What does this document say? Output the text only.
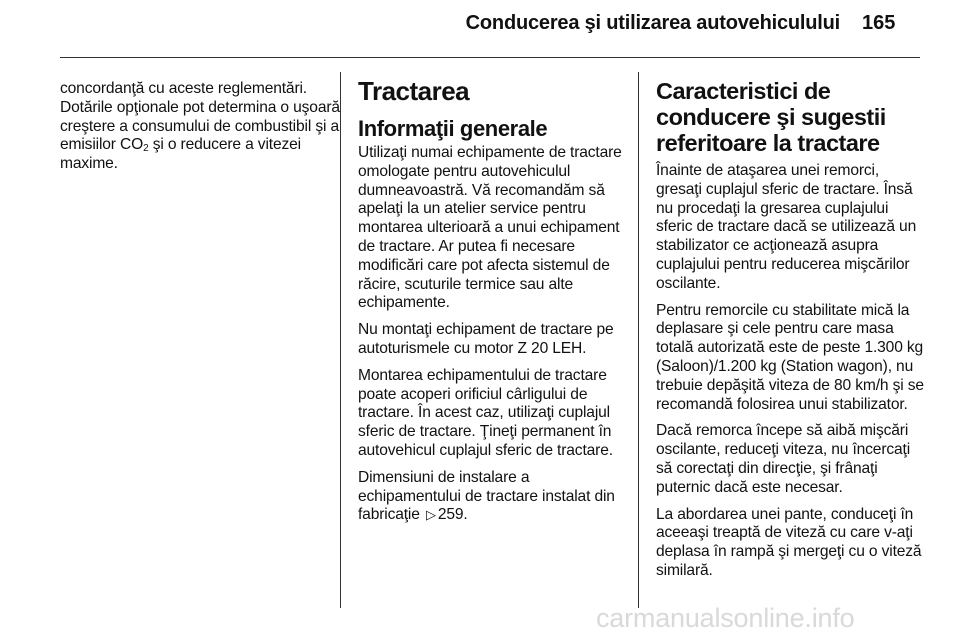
Conducerea şi utilizarea autovehiculului 165

concordanţă cu aceste reglementări. Dotările opţionale pot determina o uşoară creştere a consumului de combustibil şi a emisiilor $CO_2$ şi o reducere a vitezei maxime.

Tractarea
Informaţii generale

Utilizaţi numai echipamente de tractare omologate pentru autovehiculul dumneavoastră. Vă recomandăm să apelaţi la un atelier service pentru montarea ulterioară a unui echipament de tractare. Ar putea fi necesare modificări care pot afecta sistemul de răcire, scuturile termice sau alte echipamente.

Nu montaţi echipament de tractare pe autoturismele cu motor Z 20 LEH.

Montarea echipamentului de tractare poate acoperi orificiul cârligului de tractare. În acest caz, utilizaţi cuplajul sferic de tractare. Ţineţi permanent în autovehicul cuplajul sferic de tractare.

Dimensiuni de instalare a echipamentului de tractare instalat din fabricaţie ▷ 259.

Caracteristici de
conducere şi sugestii
referitoare la tractare

Înainte de ataşarea unei remorci, gresaţi cuplajul sferic de tractare. Însă nu procedaţi la gresarea cuplajului sferic de tractare dacă se utilizează un stabilizator ce acţionează asupra cuplajului pentru reducerea mişcărilor oscilante.

Pentru remorcile cu stabilitate mică la deplasare şi cele pentru care masa totală autorizată este de peste 1.300 kg (Saloon)/1.200 kg (Station wagon), nu trebuie depăşită viteza de 80 km/h şi se recomandă folosirea unui stabilizator.

Dacă remorca începe să aibă mişcări oscilante, reduceţi viteza, nu încercaţi să corectaţi din direcţie, şi frânaţi puternic dacă este necesar.

La abordarea unei pante, conduceţi în aceeaşi treaptă de viteză cu care v-aţi deplasa în rampă şi mergeţi cu o viteză similară.

carmanualsonline.info
